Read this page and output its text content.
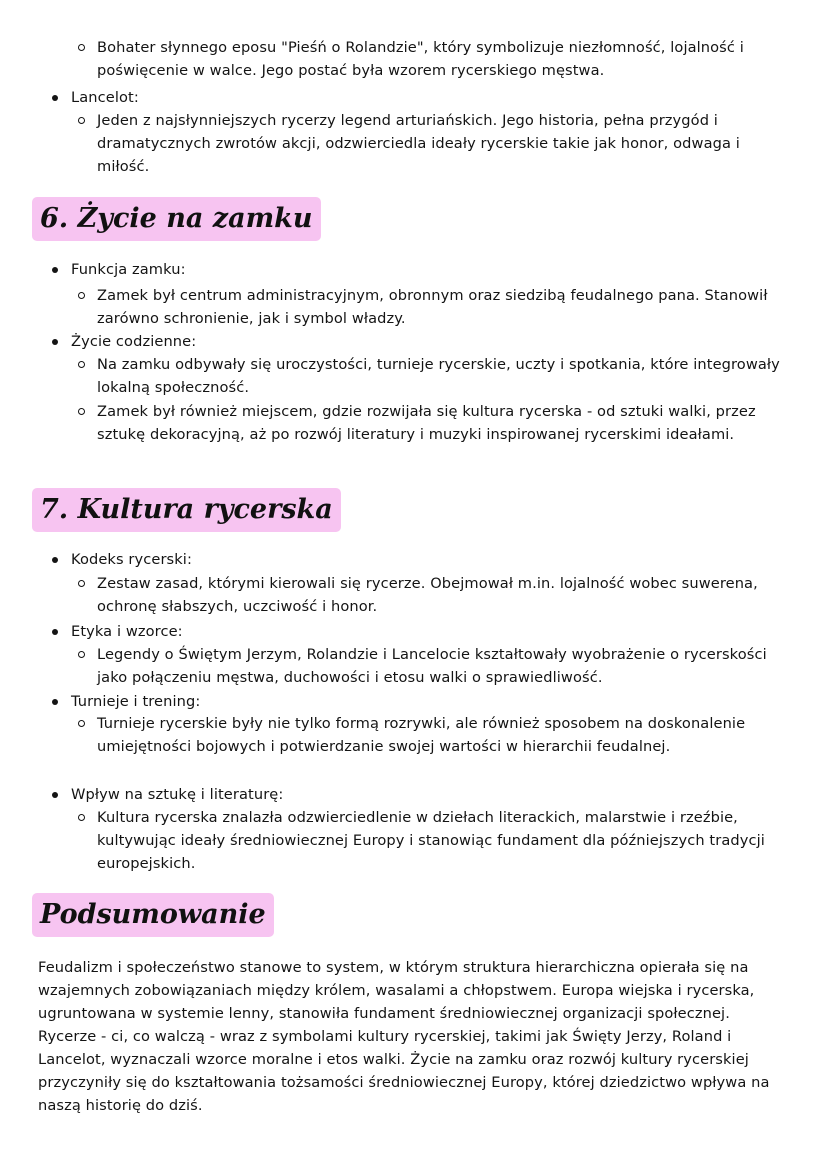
Bohater słynnego eposu "Pieśń o Rolandzie", który symbolizuje niezłomność, lojalność i poświęcenie w walce. Jego postać była wzorem rycerskiego męstwa.
Lancelot:
Jeden z najsłynniejszych rycerzy legend arturiańskich. Jego historia, pełna przygód i dramatycznych zwrotów akcji, odzwierciedla ideały rycerskie takie jak honor, odwaga i miłość.
6. Życie na zamku
Funkcja zamku:
Zamek był centrum administracyjnym, obronnym oraz siedzibą feudalnego pana. Stanowił zarówno schronienie, jak i symbol władzy.
Życie codzienne:
Na zamku odbywały się uroczystości, turnieje rycerskie, uczty i spotkania, które integrowały lokalną społeczność.
Zamek był również miejscem, gdzie rozwijała się kultura rycerska - od sztuki walki, przez sztukę dekoracyjną, aż po rozwój literatury i muzyki inspirowanej rycerskimi ideałami.
7. Kultura rycerska
Kodeks rycerski:
Zestaw zasad, którymi kierowali się rycerze. Obejmował m.in. lojalność wobec suwerena, ochronę słabszych, uczciwość i honor.
Etyka i wzorce:
Legendy o Świętym Jerzym, Rolandzie i Lancelocie kształtowały wyobrażenie o rycerskości jako połączeniu męstwa, duchowości i etosu walki o sprawiedliwość.
Turnieje i trening:
Turnieje rycerskie były nie tylko formą rozrywki, ale również sposobem na doskonalenie umiejętności bojowych i potwierdzanie swojej wartości w hierarchii feudalnej.
Wpływ na sztukę i literaturę:
Kultura rycerska znalazła odzwierciedlenie w dziełach literackich, malarstwie i rzeźbie, kultywując ideały średniowiecznej Europy i stanowiąc fundament dla późniejszych tradycji europejskich.
Podsumowanie
Feudalizm i społeczeństwo stanowe to system, w którym struktura hierarchiczna opierała się na wzajemnych zobowiązaniach między królem, wasalami a chłopstwem. Europa wiejska i rycerska, ugruntowana w systemie lenny, stanowiła fundament średniowiecznej organizacji społecznej. Rycerze - ci, co walczą - wraz z symbolami kultury rycerskiej, takimi jak Święty Jerzy, Roland i Lancelot, wyznaczali wzorce moralne i etos walki. Życie na zamku oraz rozwój kultury rycerskiej przyczyniły się do kształtowania tożsamości średniowiecznej Europy, której dziedzictwo wpływa na naszą historię do dziś.
